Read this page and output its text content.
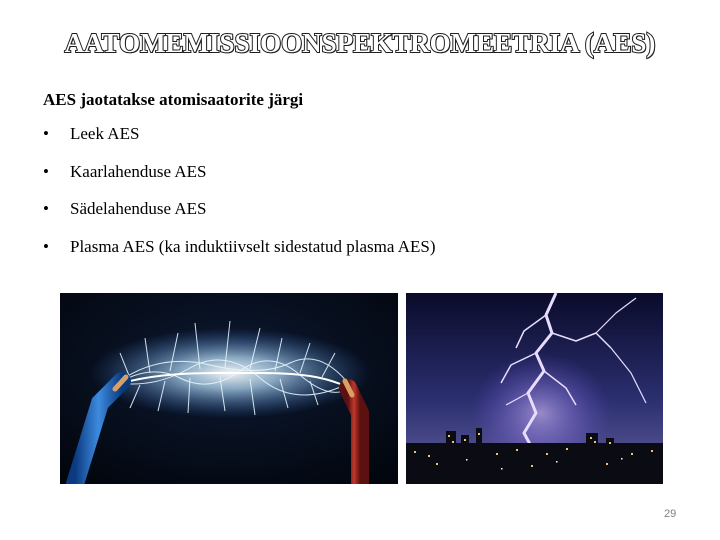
AATOMEMISSIOONSPEKTROMEETRIA (AES)
AES jaotatakse atomisaatorite järgi
•	Leek AES
•	Kaarlahenduse AES
•	Sädelahenduse AES
•	Plasma AES (ka induktiivselt sidestatud plasma AES)
29
